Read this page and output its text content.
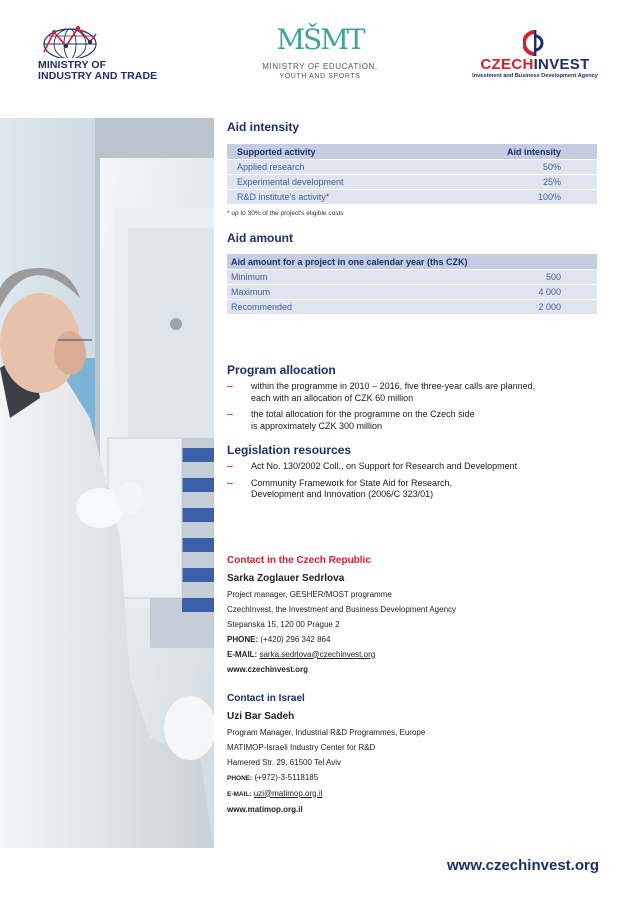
MINISTRY OF
INDUSTRY AND TRADE
MŠMT
MINISTRY OF EDUCATION,
YOUTH AND SPORTS
CZECHINVEST
Investment and Business Development Agency
Aid intensity
Supported activity	Aid intensity
Applied research	50%
Experimental development	25%
R&D institute's activity*	100%
* up to 30% of the project's eligible costs
Aid amount
Aid amount for a project in one calendar year (ths CZK)	
Minimum	500
Maximum	4 000
Recommended	2 000
Program allocation
-- within the programme in 2010 – 2016, five three-year calls are planned,
each with an allocation of CZK 60 million
-- the total allocation for the programme on the Czech side
is approximately CZK 300 million
Legislation resources
-- Act No. 130/2002 Coll., on Support for Research and Development
-- Community Framework for State Aid for Research,
Development and Innovation (2006/C 323/01)
Contact in the Czech Republic
Sarka Zoglauer Sedrlova
Project manager, GESHER/MOST programme
CzechInvest, the Investment and Business Development Agency
Stepanska 15, 120 00 Prague 2
PHONE: (+420) 296 342 864
E-MAIL: sarka.sedrlova@czechinvest.org
www.czechinvest.org
Contact in Israel
Uzi Bar Sadeh
Program Manager, Industrial R&D Programmes, Europe
MATIMOP-Israeli Industry Center for R&D
Hamered Str. 29, 61500 Tel Aviv
PHONE: (+972)-3-5118185
E-MAIL: uzi@matimop.org.il
www.matimop.org.il
www.czechinvest.org
